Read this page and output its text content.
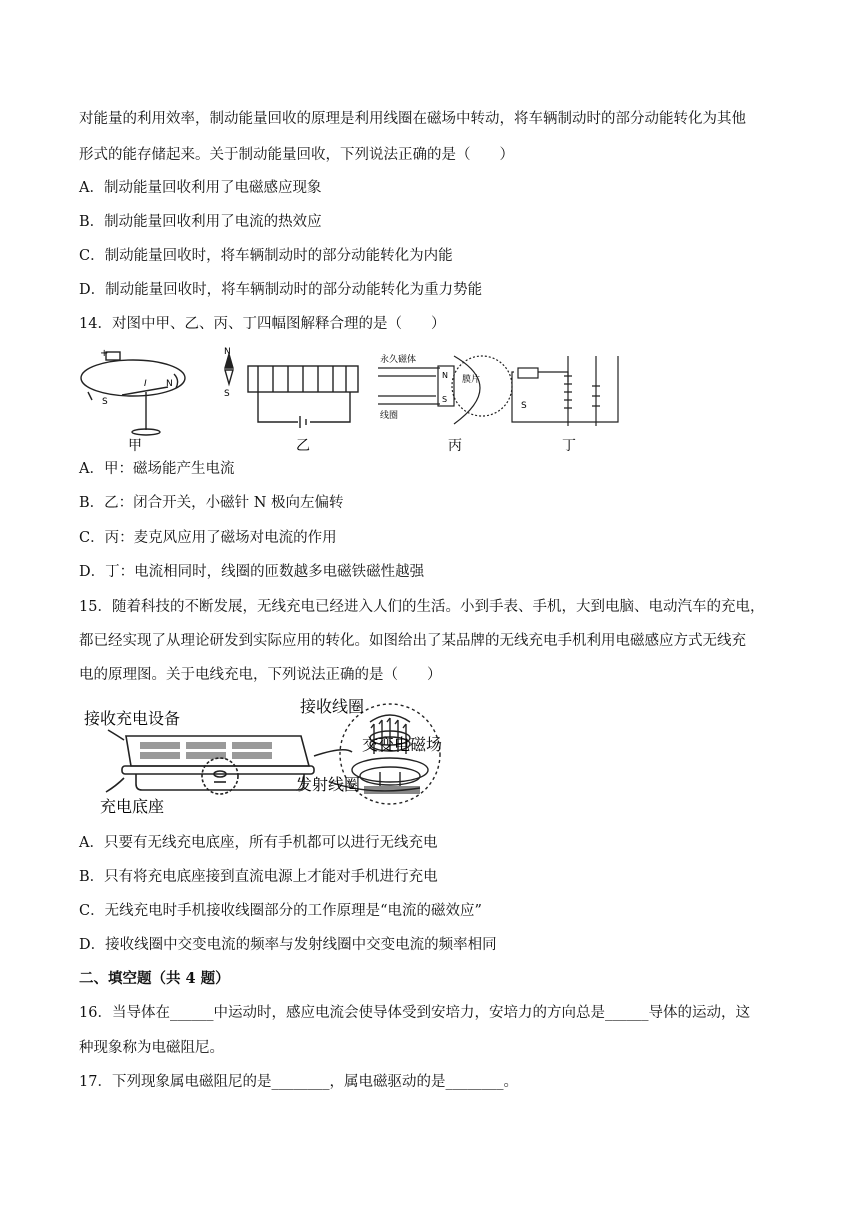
对能量的利用效率，制动能量回收的原理是利用线圈在磁场中转动，将车辆制动时的部分动能转化为其他
形式的能存储起来。关于制动能量回收，下列说法正确的是（　　）
A．制动能量回收利用了电磁感应现象
B．制动能量回收利用了电流的热效应
C．制动能量回收时，将车辆制动时的部分动能转化为内能
D．制动能量回收时，将车辆制动时的部分动能转化为重力势能
14．对图中甲、乙、丙、丁四幅图解释合理的是（　　）
+
I N
S
甲
N
S
乙
永久磁体
线圈
膜片
N
S
丙
S
丁
A．甲：磁场能产生电流
B．乙：闭合开关，小磁针 N 极向左偏转
C．丙：麦克风应用了磁场对电流的作用
D．丁：电流相同时，线圈的匝数越多电磁铁磁性越强
15．随着科技的不断发展，无线充电已经进入人们的生活。小到手表、手机，大到电脑、电动汽车的充电，
都已经实现了从理论研发到实际应用的转化。如图给出了某品牌的无线充电手机利用电磁感应方式无线充
电的原理图。关于电线充电，下列说法正确的是（　　）
接收充电设备
充电底座
接收线圈
交变电磁场
发射线圈
A．只要有无线充电底座，所有手机都可以进行无线充电
B．只有将充电底座接到直流电源上才能对手机进行充电
C．无线充电时手机接收线圈部分的工作原理是“电流的磁效应”
D．接收线圈中交变电流的频率与发射线圈中交变电流的频率相同
二、填空题（共 4 题）
16．当导体在______中运动时，感应电流会使导体受到安培力，安培力的方向总是______导体的运动，这
种现象称为电磁阻尼。
17．下列现象属电磁阻尼的是________，属电磁驱动的是________。
